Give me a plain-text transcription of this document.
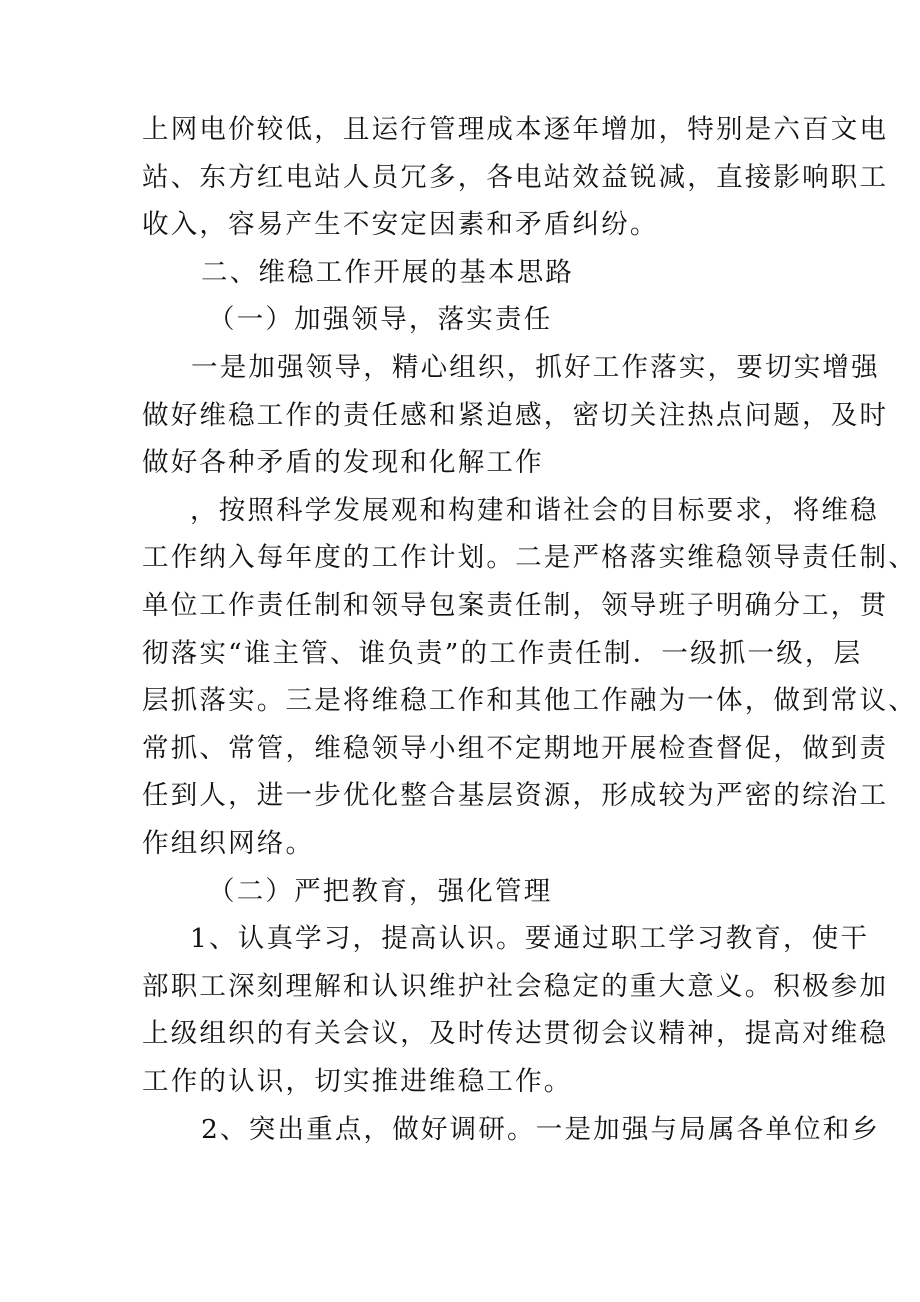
上网电价较低，且运行管理成本逐年增加，特别是六百文电
站、东方红电站人员冗多，各电站效益锐减，直接影响职工
收入，容易产生不安定因素和矛盾纠纷。
二、维稳工作开展的基本思路
（一）加强领导，落实责任
一是加强领导，精心组织，抓好工作落实，要切实增强
做好维稳工作的责任感和紧迫感，密切关注热点问题，及时
做好各种矛盾的发现和化解工作
，按照科学发展观和构建和谐社会的目标要求，将维稳
工作纳入每年度的工作计划。二是严格落实维稳领导责任制、
单位工作责任制和领导包案责任制，领导班子明确分工，贯
彻落实“谁主管、谁负责”的工作责任制．一级抓一级，层
层抓落实。三是将维稳工作和其他工作融为一体，做到常议、
常抓、常管，维稳领导小组不定期地开展检查督促，做到责
任到人，进一步优化整合基层资源，形成较为严密的综治工
作组织网络。
（二）严把教育，强化管理
1、认真学习，提高认识。要通过职工学习教育，使干
部职工深刻理解和认识维护社会稳定的重大意义。积极参加
上级组织的有关会议，及时传达贯彻会议精神，提高对维稳
工作的认识，切实推进维稳工作。
2、突出重点，做好调研。一是加强与局属各单位和乡
